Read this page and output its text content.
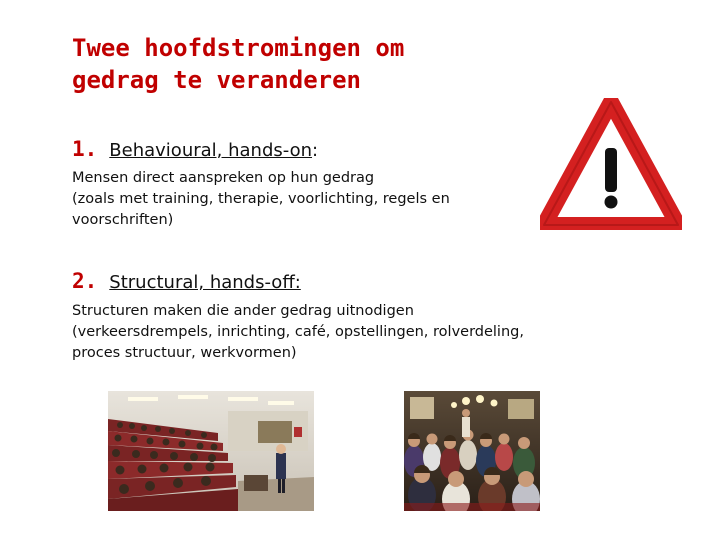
Twee hoofdstromingen om
gedrag te veranderen

1. Behavioural, hands-on:

Mensen direct aanspreken op hun gedrag
(zoals met training, therapie, voorlichting, regels en
voorschriften)

2. Structural, hands-off:

Structuren maken die ander gedrag uitnodigen
(verkeersdrempels, inrichting, café, opstellingen, rolverdeling,
proces structuur, werkvormen)
